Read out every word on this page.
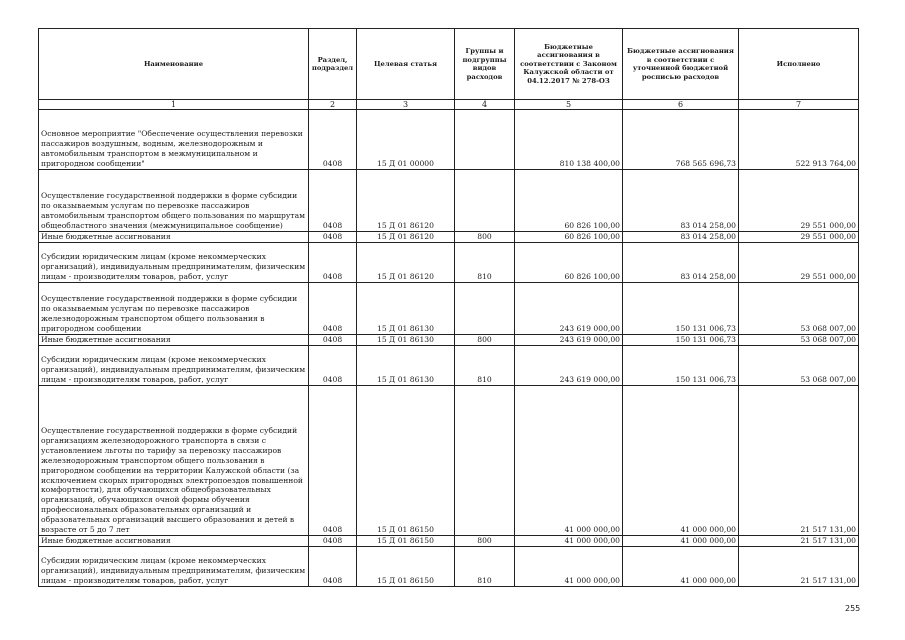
Наименование	Раздел, подраздел	Целевая статья	Группы и подгруппы видов расходов	Бюджетные ассигнования в соответствии с Законом Калужской области от 04.12.2017 № 278-ОЗ	Бюджетные ассигнования в соответствии с уточненной бюджетной росписью расходов	Исполнено
1	2	3	4	5	6	7
Основное мероприятие "Обеспечение осуществления перевозки пассажиров воздушным, водным, железнодорожным и автомобильным транспортом в межмуниципальном и пригородном сообщении"	0408	15 Д 01 00000		810 138 400,00	768 565 696,73	522 913 764,00
Осуществление государственной поддержки в форме субсидии по оказываемым услугам по перевозке пассажиров автомобильным транспортом общего пользования по маршрутам общеобластного значения (межмуниципальное сообщение)	0408	15 Д 01 86120		60 826 100,00	83 014 258,00	29 551 000,00
Иные бюджетные ассигнования	0408	15 Д 01 86120	800	60 826 100,00	83 014 258,00	29 551 000,00
Субсидии юридическим лицам (кроме некоммерческих организаций), индивидуальным предпринимателям, физическим лицам - производителям товаров, работ, услуг	0408	15 Д 01 86120	810	60 826 100,00	83 014 258,00	29 551 000,00
Осуществление государственной поддержки в форме субсидии по оказываемым услугам по перевозке пассажиров железнодорожным транспортом общего пользования в пригородном сообщении	0408	15 Д 01 86130		243 619 000,00	150 131 006,73	53 068 007,00
Иные бюджетные ассигнования	0408	15 Д 01 86130	800	243 619 000,00	150 131 006,73	53 068 007,00
Субсидии юридическим лицам (кроме некоммерческих организаций), индивидуальным предпринимателям, физическим лицам - производителям товаров, работ, услуг	0408	15 Д 01 86130	810	243 619 000,00	150 131 006,73	53 068 007,00
Осуществление государственной поддержки в форме субсидий организациям железнодорожного транспорта в связи с установлением льготы по тарифу за перевозку пассажиров железнодорожным транспортом общего пользования в пригородном сообщении на территории Калужской области (за исключением скорых пригородных электропоездов повышенной комфортности), для обучающихся общеобразовательных организаций, обучающихся очной формы обучения профессиональных образовательных организаций и образовательных организаций высшего образования и детей в возрасте от 5 до 7 лет	0408	15 Д 01 86150		41 000 000,00	41 000 000,00	21 517 131,00
Иные бюджетные ассигнования	0408	15 Д 01 86150	800	41 000 000,00	41 000 000,00	21 517 131,00
Субсидии юридическим лицам (кроме некоммерческих организаций), индивидуальным предпринимателям, физическим лицам - производителям товаров, работ, услуг	0408	15 Д 01 86150	810	41 000 000,00	41 000 000,00	21 517 131,00
255
